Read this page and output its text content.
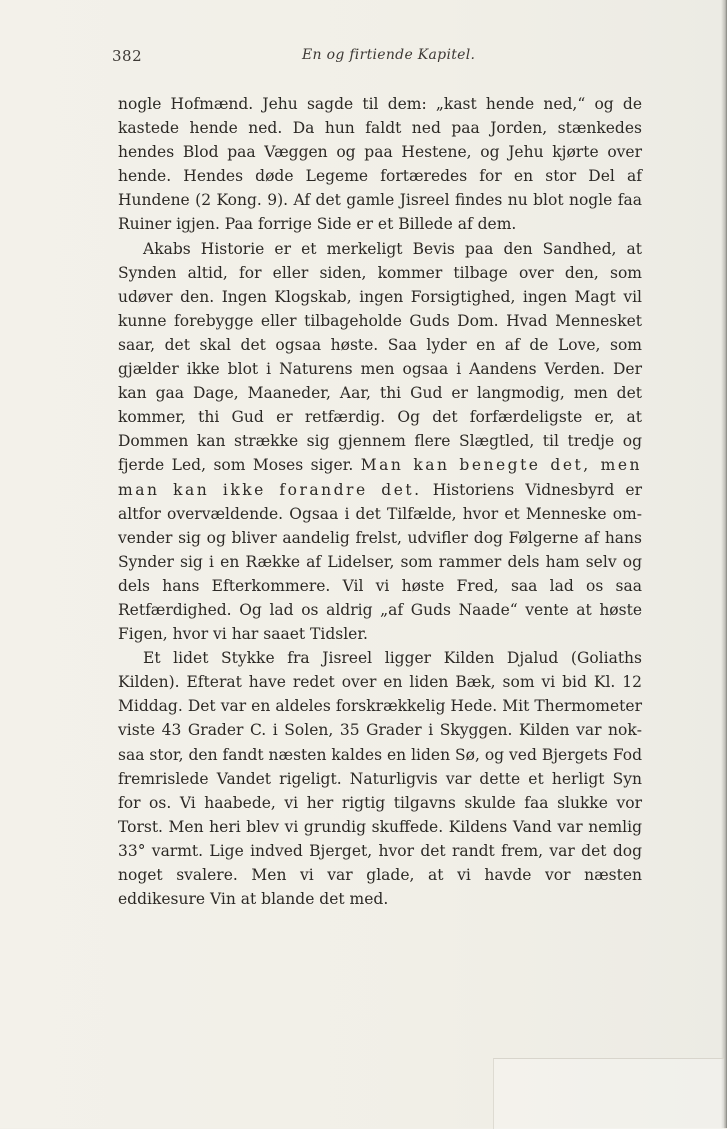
382	En og firtiende Kapitel.

nogle Hofmænd. Jehu sagde til dem: „kast hende ned,“ og de kastede hende ned. Da hun faldt ned paa Jorden, stænkedes hendes Blod paa Væggen og paa Hestene, og Jehu kjørte over hende. Hendes døde Legeme fortæredes for en stor Del af Hundene (2 Kong. 9). Af det gamle Jisreel findes nu blot nogle faa Ruiner igjen. Paa forrige Side er et Billede af dem.

Akabs Historie er et merkeligt Bevis paa den Sandhed, at Synden altid, for eller siden, kommer tilbage over den, som udøver den. Ingen Klogskab, ingen Forsigtighed, ingen Magt vil kunne forebygge eller tilbageholde Guds Dom. Hvad Mennesket saar, det skal det ogsaa høste. Saa lyder en af de Love, som gjælder ikke blot i Naturens men ogsaa i Aandens Verden. Der kan gaa Dage, Maaneder, Aar, thi Gud er langmodig, men det kommer, thi Gud er retfærdig. Og det forfærdeligste er, at Dommen kan strække sig gjennem flere Slægtled, til tredje og fjerde Led, som Moses siger. Man kan benegte det, men man kan ikke forandre det. Historiens Vidnesbyrd er altfor overvældende. Ogsaa i det Tilfælde, hvor et Menneske omvender sig og bliver aandelig frelst, udvifler dog Følgerne af hans Synder sig i en Række af Lidelser, som rammer dels ham selv og dels hans Efterkommere. Vil vi høste Fred, saa lad os saa Retfærdighed. Og lad os aldrig „af Guds Naade“ vente at høste Figen, hvor vi har saaet Tidsler.

Et lidet Stykke fra Jisreel ligger Kilden Djalud (Goliaths Kilden). Efterat have redet over en liden Bæk, som vi bid Kl. 12 Middag. Det var en aldeles forskrækkelig Hede. Mit Thermometer viste 43 Grader C. i Solen, 35 Grader i Skyggen. Kilden var noksaa stor, den fandt næsten kaldes en liden Sø, og ved Bjergets Fod fremrislede Vandet rigeligt. Naturligvis var dette et herligt Syn for os. Vi haabede, vi her rigtig tilgavns skulde faa slukke vor Torst. Men heri blev vi grundig skuffede. Kildens Vand var nemlig 33° varmt. Lige indved Bjerget, hvor det randt frem, var det dog noget svalere. Men vi var glade, at vi havde vor næsten eddikesure Vin at blande det med.
